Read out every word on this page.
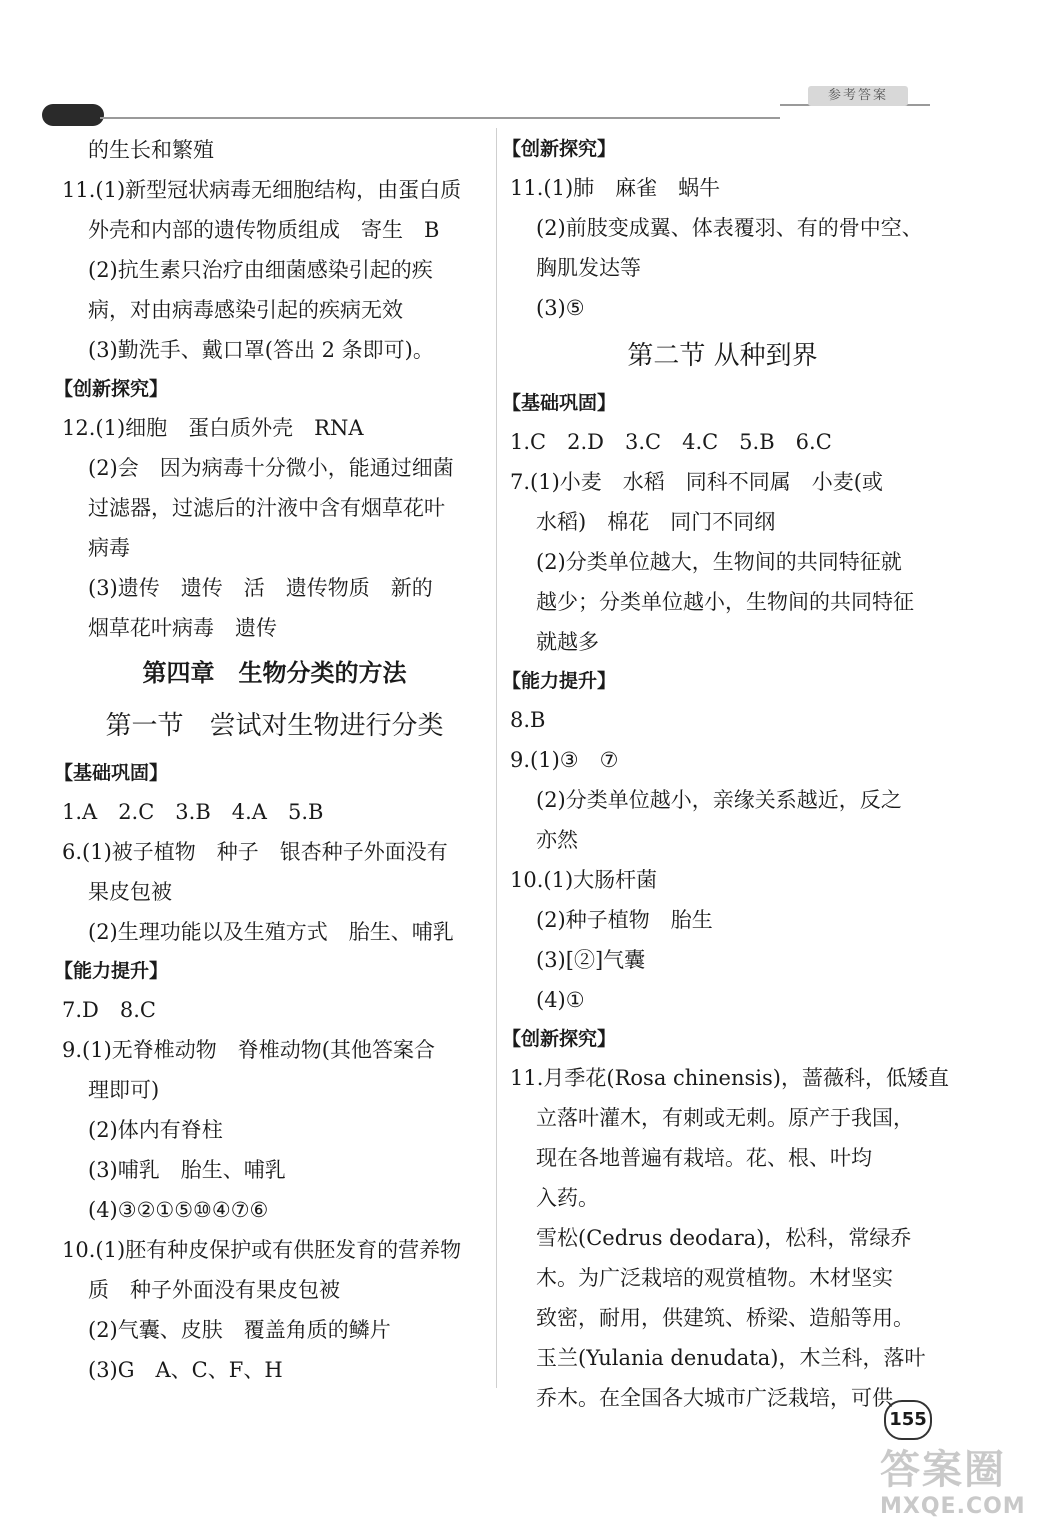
参考答案
的生长和繁殖
11.(1)新型冠状病毒无细胞结构，由蛋白质
外壳和内部的遗传物质组成　寄生　B
(2)抗生素只治疗由细菌感染引起的疾
病，对由病毒感染引起的疾病无效
(3)勤洗手、戴口罩(答出 2 条即可)。
【创新探究】
12.(1)细胞　蛋白质外壳　RNA
(2)会　因为病毒十分微小，能通过细菌
过滤器，过滤后的汁液中含有烟草花叶
病毒
(3)遗传　遗传　活　遗传物质　新的
烟草花叶病毒　遗传
第四章　生物分类的方法
第一节　尝试对生物进行分类
【基础巩固】
1.A　2.C　3.B　4.A　5.B
6.(1)被子植物　种子　银杏种子外面没有
果皮包被
(2)生理功能以及生殖方式　胎生、哺乳
【能力提升】
7.D　8.C
9.(1)无脊椎动物　脊椎动物(其他答案合
理即可)
(2)体内有脊柱
(3)哺乳　胎生、哺乳
(4)③②①⑤⑩④⑦⑥
10.(1)胚有种皮保护或有供胚发育的营养物
质　种子外面没有果皮包被
(2)气囊、皮肤　覆盖角质的鳞片
(3)G　A、C、F、H
【创新探究】
11.(1)肺　麻雀　蜗牛
(2)前肢变成翼、体表覆羽、有的骨中空、
胸肌发达等
(3)⑤
第二节 从种到界
【基础巩固】
1.C　2.D　3.C　4.C　5.B　6.C
7.(1)小麦　水稻　同科不同属　小麦(或
水稻)　棉花　同门不同纲
(2)分类单位越大，生物间的共同特征就
越少；分类单位越小，生物间的共同特征
就越多
【能力提升】
8.B
9.(1)③　⑦
(2)分类单位越小，亲缘关系越近，反之
亦然
10.(1)大肠杆菌
(2)种子植物　胎生
(3)[②]气囊
(4)①
【创新探究】
11.月季花(Rosa chinensis)，蔷薇科，低矮直
立落叶灌木，有刺或无刺。原产于我国，
现在各地普遍有栽培。花、根、叶均
入药。
雪松(Cedrus deodara)，松科，常绿乔
木。为广泛栽培的观赏植物。木材坚实
致密，耐用，供建筑、桥梁、造船等用。
玉兰(Yulania denudata)，木兰科，落叶
乔木。在全国各大城市广泛栽培，可供
155
答案圈
MXQE.COM
